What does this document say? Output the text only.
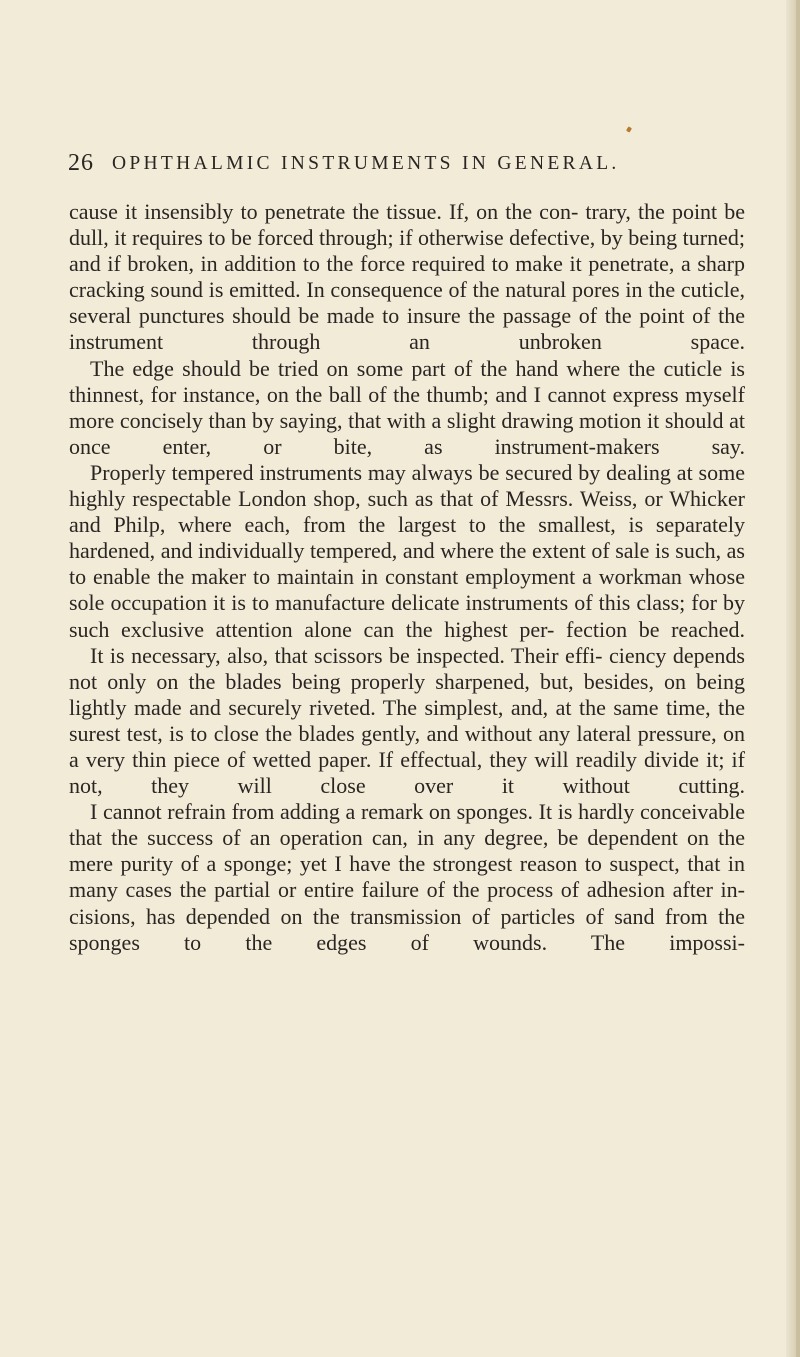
26 OPHTHALMIC INSTRUMENTS IN GENERAL.

cause it insensibly to penetrate the tissue. If, on the con- trary, the point be dull, it requires to be forced through; if otherwise defective, by being turned; and if broken, in addition to the force required to make it penetrate, a sharp cracking sound is emitted. In consequence of the natural pores in the cuticle, several punctures should be made to insure the passage of the point of the instrument through an unbroken space.

The edge should be tried on some part of the hand where the cuticle is thinnest, for instance, on the ball of the thumb; and I cannot express myself more concisely than by saying, that with a slight drawing motion it should at once enter, or bite, as instrument-makers say.

Properly tempered instruments may always be secured by dealing at some highly respectable London shop, such as that of Messrs. Weiss, or Whicker and Philp, where each, from the largest to the smallest, is separately hardened, and individually tempered, and where the extent of sale is such, as to enable the maker to maintain in constant employment a workman whose sole occupation it is to manufacture delicate instruments of this class; for by such exclusive attention alone can the highest per- fection be reached.

It is necessary, also, that scissors be inspected. Their effi- ciency depends not only on the blades being properly sharpened, but, besides, on being lightly made and securely riveted. The simplest, and, at the same time, the surest test, is to close the blades gently, and without any lateral pressure, on a very thin piece of wetted paper. If effectual, they will readily divide it; if not, they will close over it without cutting.

I cannot refrain from adding a remark on sponges. It is hardly conceivable that the success of an operation can, in any degree, be dependent on the mere purity of a sponge; yet I have the strongest reason to suspect, that in many cases the partial or entire failure of the process of adhesion after in- cisions, has depended on the transmission of particles of sand from the sponges to the edges of wounds. The impossi-
